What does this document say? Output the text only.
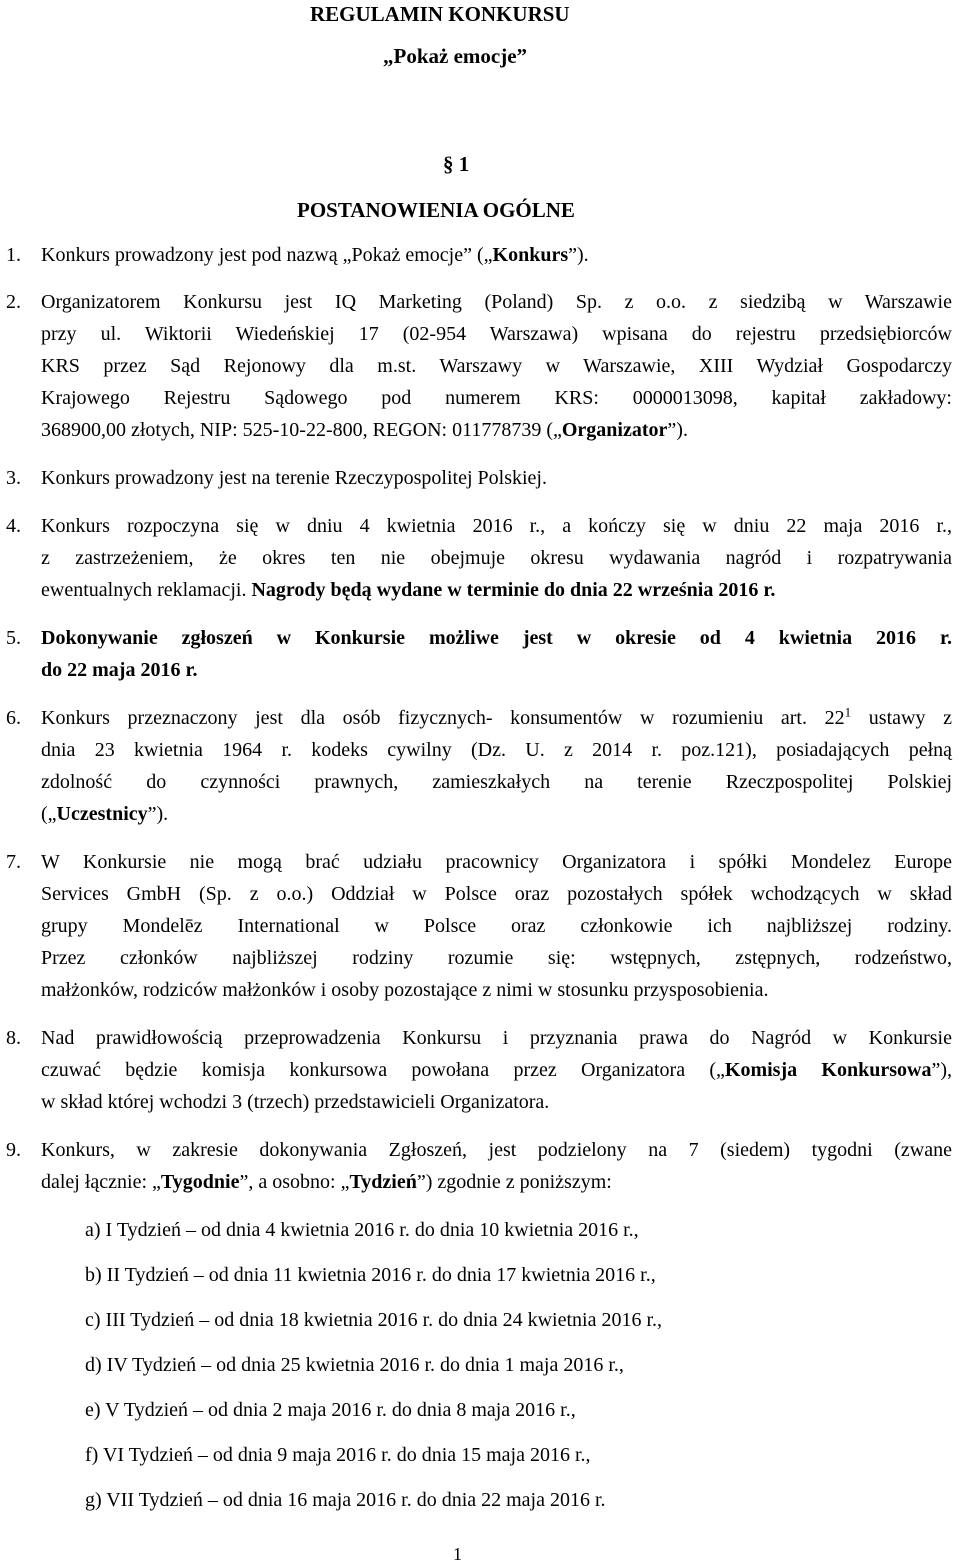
REGULAMIN KONKURSU
„Pokaż emocje”
§ 1
POSTANOWIENIA OGÓLNE
1. Konkurs prowadzony jest pod nazwą „Pokaż emocje” („Konkurs”).
2. Organizatorem Konkursu jest IQ Marketing (Poland) Sp. z o.o. z siedzibą w Warszawie
przy ul. Wiktorii Wiedeńskiej 17 (02-954 Warszawa) wpisana do rejestru przedsiębiorców
KRS przez Sąd Rejonowy dla m.st. Warszawy w Warszawie, XIII Wydział Gospodarczy
Krajowego Rejestru Sądowego pod numerem KRS: 0000013098, kapitał zakładowy:
368900,00 złotych, NIP: 525-10-22-800, REGON: 011778739 („Organizator”).
3. Konkurs prowadzony jest na terenie Rzeczypospolitej Polskiej.
4. Konkurs rozpoczyna się w dniu 4 kwietnia 2016 r., a kończy się w dniu 22 maja 2016 r.,
z zastrzeżeniem, że okres ten nie obejmuje okresu wydawania nagród i rozpatrywania
ewentualnych reklamacji. Nagrody będą wydane w terminie do dnia 22 września 2016 r.
5. Dokonywanie zgłoszeń w Konkursie możliwe jest w okresie od 4 kwietnia 2016 r.
do 22 maja 2016 r.
6. Konkurs przeznaczony jest dla osób fizycznych- konsumentów w rozumieniu art. $22^1$ ustawy z
dnia 23 kwietnia 1964 r. kodeks cywilny (Dz. U. z 2014 r. poz.121), posiadających pełną
zdolność do czynności prawnych, zamieszkałych na terenie Rzeczpospolitej Polskiej
(„Uczestnicy”).
7. W Konkursie nie mogą brać udziału pracownicy Organizatora i spółki Mondelez Europe
Services GmbH (Sp. z o.o.) Oddział w Polsce oraz pozostałych spółek wchodzących w skład
grupy Mondelēz International w Polsce oraz członkowie ich najbliższej rodziny.
Przez członków najbliższej rodziny rozumie się: wstępnych, zstępnych, rodzeństwo,
małżonków, rodziców małżonków i osoby pozostające z nimi w stosunku przysposobienia.
8. Nad prawidłowością przeprowadzenia Konkursu i przyznania prawa do Nagród w Konkursie
czuwać będzie komisja konkursowa powołana przez Organizatora („Komisja Konkursowa”),
w skład której wchodzi 3 (trzech) przedstawicieli Organizatora.
9. Konkurs, w zakresie dokonywania Zgłoszeń, jest podzielony na 7 (siedem) tygodni (zwane
dalej łącznie: „Tygodnie”, a osobno: „Tydzień”) zgodnie z poniższym:
a) I Tydzień – od dnia 4 kwietnia 2016 r. do dnia 10 kwietnia 2016 r.,
b) II Tydzień – od dnia 11 kwietnia 2016 r. do dnia 17 kwietnia 2016 r.,
c) III Tydzień – od dnia 18 kwietnia 2016 r. do dnia 24 kwietnia 2016 r.,
d) IV Tydzień – od dnia 25 kwietnia 2016 r. do dnia 1 maja 2016 r.,
e) V Tydzień – od dnia 2 maja 2016 r. do dnia 8 maja 2016 r.,
f) VI Tydzień – od dnia 9 maja 2016 r. do dnia 15 maja 2016 r.,
g) VII Tydzień – od dnia 16 maja 2016 r. do dnia 22 maja 2016 r.
1
